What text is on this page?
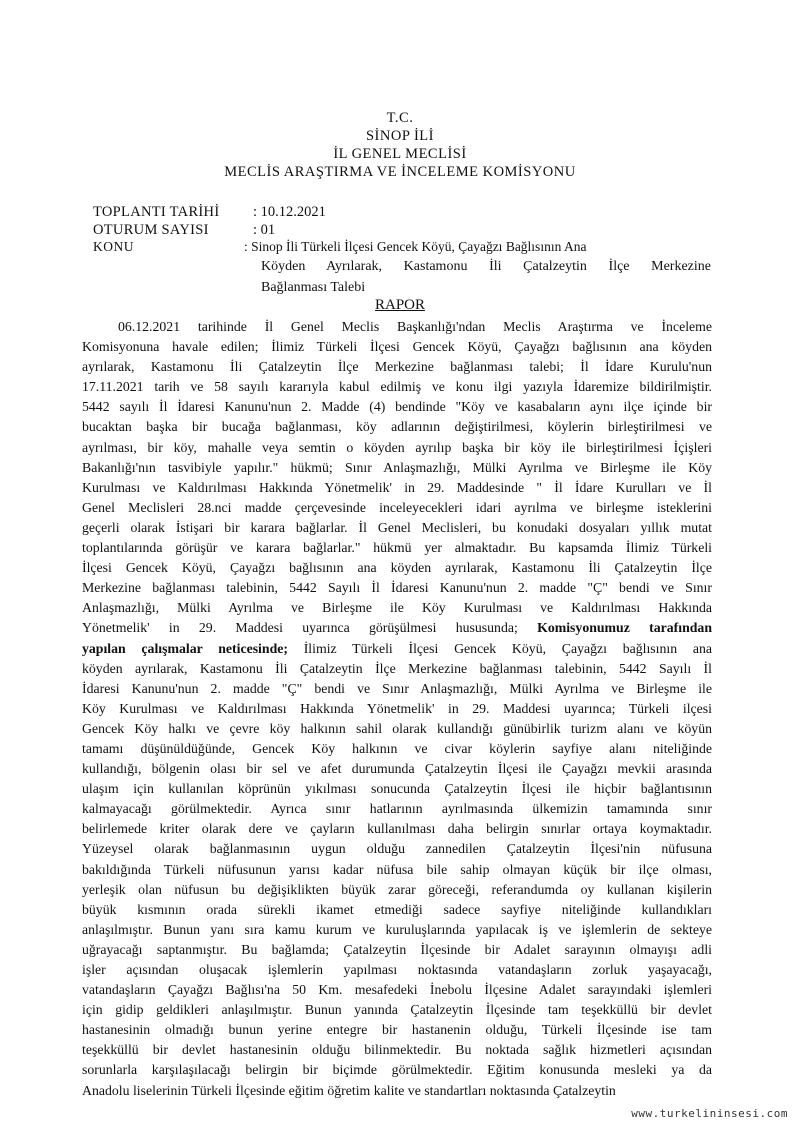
T.C.
SİNOP İLİ
İL GENEL MECLİSİ
MECLİS ARAŞTIRMA VE İNCELEME KOMİSYONU
TOPLANTI TARİHİ	: 10.12.2021
OTURUM SAYISI	: 01
KONU	: Sinop İli Türkeli İlçesi Gencek Köyü, Çayağzı Bağlısının Ana
Köyden Ayrılarak, Kastamonu İli Çatalzeytin İlçe Merkezine
Bağlanması Talebi
RAPOR
06.12.2021 tarihinde İl Genel Meclis Başkanlığı'ndan Meclis Araştırma ve İnceleme
Komisyonuna havale edilen; İlimiz Türkeli İlçesi Gencek Köyü, Çayağzı bağlısının ana köyden
ayrılarak, Kastamonu İli Çatalzeytin İlçe Merkezine bağlanması talebi; İl İdare Kurulu'nun
17.11.2021 tarih ve 58 sayılı kararıyla kabul edilmiş ve konu ilgi yazıyla İdaremize bildirilmiştir.
5442 sayılı İl İdaresi Kanunu'nun 2. Madde (4) bendinde "Köy ve kasabaların aynı ilçe içinde bir
bucaktan başka bir bucağa bağlanması, köy adlarının değiştirilmesi, köylerin birleştirilmesi ve
ayrılması, bir köy, mahalle veya semtin o köyden ayrılıp başka bir köy ile birleştirilmesi İçişleri
Bakanlığı'nın tasvibiyle yapılır." hükmü; Sınır Anlaşmazlığı, Mülki Ayrılma ve Birleşme ile Köy
Kurulması ve Kaldırılması Hakkında Yönetmelik' in 29. Maddesinde " İl İdare Kurulları ve İl
Genel Meclisleri 28.nci madde çerçevesinde inceleyecekleri idari ayrılma ve birleşme isteklerini
geçerli olarak İstişari bir karara bağlarlar. İl Genel Meclisleri, bu konudaki dosyaları yıllık mutat
toplantılarında görüşür ve karara bağlarlar." hükmü yer almaktadır. Bu kapsamda İlimiz Türkeli
İlçesi Gencek Köyü, Çayağzı bağlısının ana köyden ayrılarak, Kastamonu İli Çatalzeytin İlçe
Merkezine bağlanması talebinin, 5442 Sayılı İl İdaresi Kanunu'nun 2. madde "Ç" bendi ve Sınır
Anlaşmazlığı, Mülki Ayrılma ve Birleşme ile Köy Kurulması ve Kaldırılması Hakkında
Yönetmelik' in 29. Maddesi uyarınca görüşülmesi hususunda; Komisyonumuz tarafından
yapılan çalışmalar neticesinde; İlimiz Türkeli İlçesi Gencek Köyü, Çayağzı bağlısının ana
köyden ayrılarak, Kastamonu İli Çatalzeytin İlçe Merkezine bağlanması talebinin, 5442 Sayılı İl
İdaresi Kanunu'nun 2. madde "Ç" bendi ve Sınır Anlaşmazlığı, Mülki Ayrılma ve Birleşme ile
Köy Kurulması ve Kaldırılması Hakkında Yönetmelik' in 29. Maddesi uyarınca; Türkeli ilçesi
Gencek Köy halkı ve çevre köy halkının sahil olarak kullandığı günübirlik turizm alanı ve köyün
tamamı düşünüldüğünde, Gencek Köy halkının ve civar köylerin sayfiye alanı niteliğinde
kullandığı, bölgenin olası bir sel ve afet durumunda Çatalzeytin İlçesi ile Çayağzı mevkii arasında
ulaşım için kullanılan köprünün yıkılması sonucunda Çatalzeytin İlçesi ile hiçbir bağlantısının
kalmayacağı görülmektedir. Ayrıca sınır hatlarının ayrılmasında ülkemizin tamamında sınır
belirlemede kriter olarak dere ve çayların kullanılması daha belirgin sınırlar ortaya koymaktadır.
Yüzeysel olarak bağlanmasının uygun olduğu zannedilen Çatalzeytin İlçesi'nin nüfusuna
bakıldığında Türkeli nüfusunun yarısı kadar nüfusa bile sahip olmayan küçük bir ilçe olması,
yerleşik olan nüfusun bu değişiklikten büyük zarar göreceği, referandumda oy kullanan kişilerin
büyük kısmının orada sürekli ikamet etmediği sadece sayfiye niteliğinde kullandıkları
anlaşılmıştır. Bunun yanı sıra kamu kurum ve kuruluşlarında yapılacak iş ve işlemlerin de sekteye
uğrayacağı saptanmıştır. Bu bağlamda; Çatalzeytin İlçesinde bir Adalet sarayının olmayışı adli
işler açısından oluşacak işlemlerin yapılması noktasında vatandaşların zorluk yaşayacağı,
vatandaşların Çayağzı Bağlısı'na 50 Km. mesafedeki İnebolu İlçesine Adalet sarayındaki işlemleri
için gidip geldikleri anlaşılmıştır. Bunun yanında Çatalzeytin İlçesinde tam teşekküllü bir devlet
hastanesinin olmadığı bunun yerine entegre bir hastanenin olduğu, Türkeli İlçesinde ise tam
teşekküllü bir devlet hastanesinin olduğu bilinmektedir. Bu noktada sağlık hizmetleri açısından
sorunlarla karşılaşılacağı belirgin bir biçimde görülmektedir. Eğitim konusunda mesleki ya da
Anadolu liselerinin Türkeli İlçesinde eğitim öğretim kalite ve standartları noktasında Çatalzeytin
www.turkelininsesi.com
